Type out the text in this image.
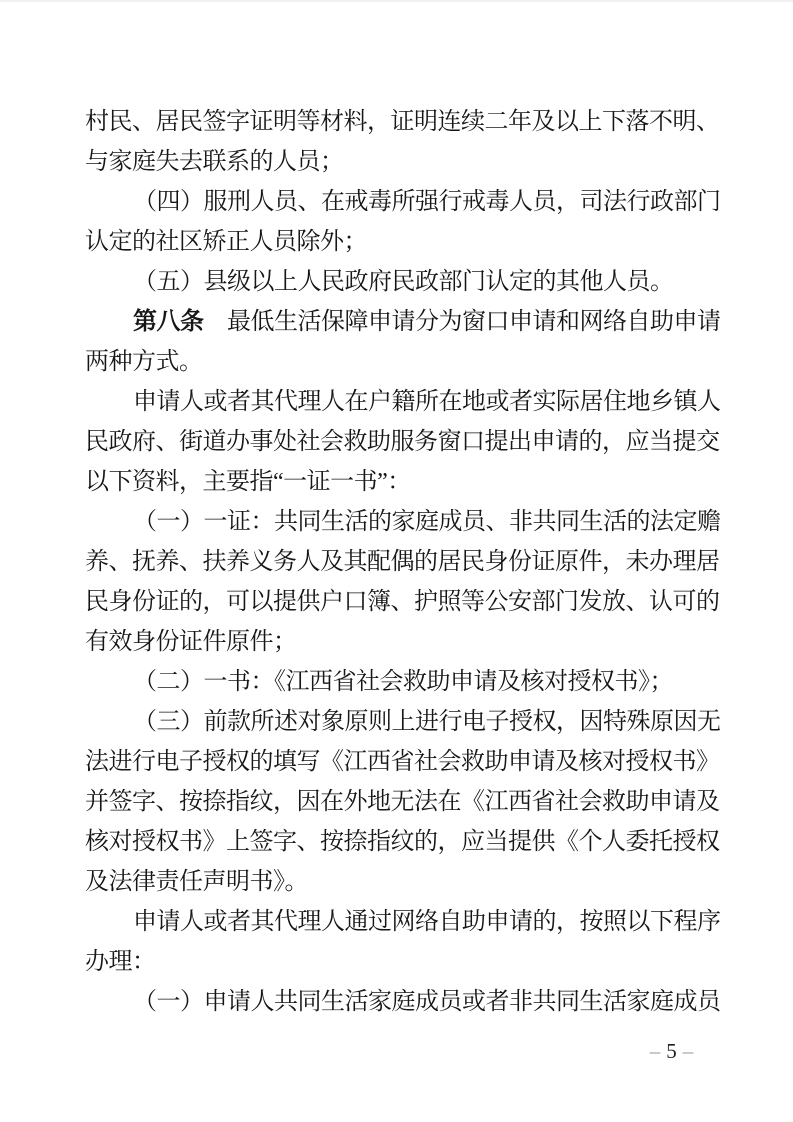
村民、居民签字证明等材料，证明连续二年及以上下落不明、
与家庭失去联系的人员；
（四）服刑人员、在戒毒所强行戒毒人员，司法行政部门
认定的社区矫正人员除外；
（五）县级以上人民政府民政部门认定的其他人员。
第八条　最低生活保障申请分为窗口申请和网络自助申请
两种方式。
申请人或者其代理人在户籍所在地或者实际居住地乡镇人
民政府、街道办事处社会救助服务窗口提出申请的，应当提交
以下资料，主要指“一证一书”：
（一）一证：共同生活的家庭成员、非共同生活的法定赡
养、抚养、扶养义务人及其配偶的居民身份证原件，未办理居
民身份证的，可以提供户口簿、护照等公安部门发放、认可的
有效身份证件原件；
（二）一书：《江西省社会救助申请及核对授权书》；
（三）前款所述对象原则上进行电子授权，因特殊原因无
法进行电子授权的填写《江西省社会救助申请及核对授权书》
并签字、按捺指纹，因在外地无法在《江西省社会救助申请及
核对授权书》上签字、按捺指纹的，应当提供《个人委托授权
及法律责任声明书》。
申请人或者其代理人通过网络自助申请的，按照以下程序
办理：
（一）申请人共同生活家庭成员或者非共同生活家庭成员
– 5 –
